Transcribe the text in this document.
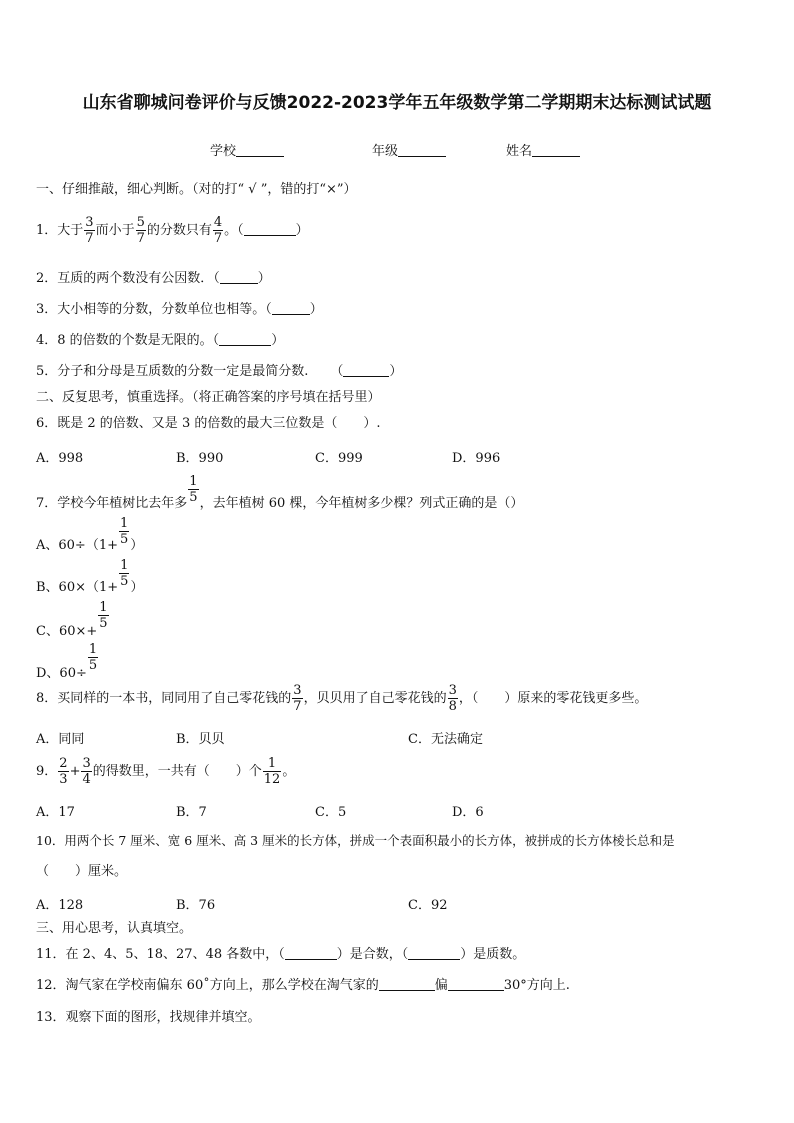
山东省聊城问卷评价与反馈2022-2023学年五年级数学第二学期期末达标测试试题
学校	年级	姓名
一、仔细推敲，细心判断。（对的打“ √ ”，错的打“×”）
1．大于 $\frac{3}{7}$ 而小于 $\frac{5}{7}$ 的分数只有 $\frac{4}{7}$ 。（	）
2．互质的两个数没有公因数．（	）
3．大小相等的分数，分数单位也相等。（	）
4．8 的倍数的个数是无限的。（	）
5．分子和分母是互质数的分数一定是最简分数. （	）
二、反复思考，慎重选择。（将正确答案的序号填在括号里）
6．既是 2 的倍数、又是 3 的倍数的最大三位数是（　　）.
A．998	B．990	C．999	D．996
7．学校今年植树比去年多 $\frac{1}{5}$ ，去年植树 60 棵，今年植树多少棵？列式正确的是（）
A、$60\div(1+ \frac{1}{5}$ ）
B、$60\times(1+ \frac{1}{5}$ ）
C、60×+
$\frac{1}{5}$
D、60÷
$\frac{1}{5}$
8．买同样的一本书，同同用了自己零花钱的 $\frac{3}{7}$ ，贝贝用了自己零花钱的 $\frac{3}{8}$ ，（　　）原来的零花钱更多些。
A．同同	B．贝贝	C．无法确定
9． $\frac{2}{3} + \frac{3}{4}$ 的得数里，一共有（　　）个 $\frac{1}{12}$ 。
A．17	B．7	C．5	D．6
10．用两个长 7 厘米、宽 6 厘米、高 3 厘米的长方体，拼成一个表面积最小的长方体，被拼成的长方体棱长总和是
（　　）厘米。
A．128	B．76	C．92
三、用心思考，认真填空。
11．在 2、4、5、18、27、48 各数中，（	）是合数，（	）是质数。
12．淘气家在学校南偏东 60˚方向上，那么学校在淘气家的	偏	30°方向上.
13．观察下面的图形，找规律并填空。
